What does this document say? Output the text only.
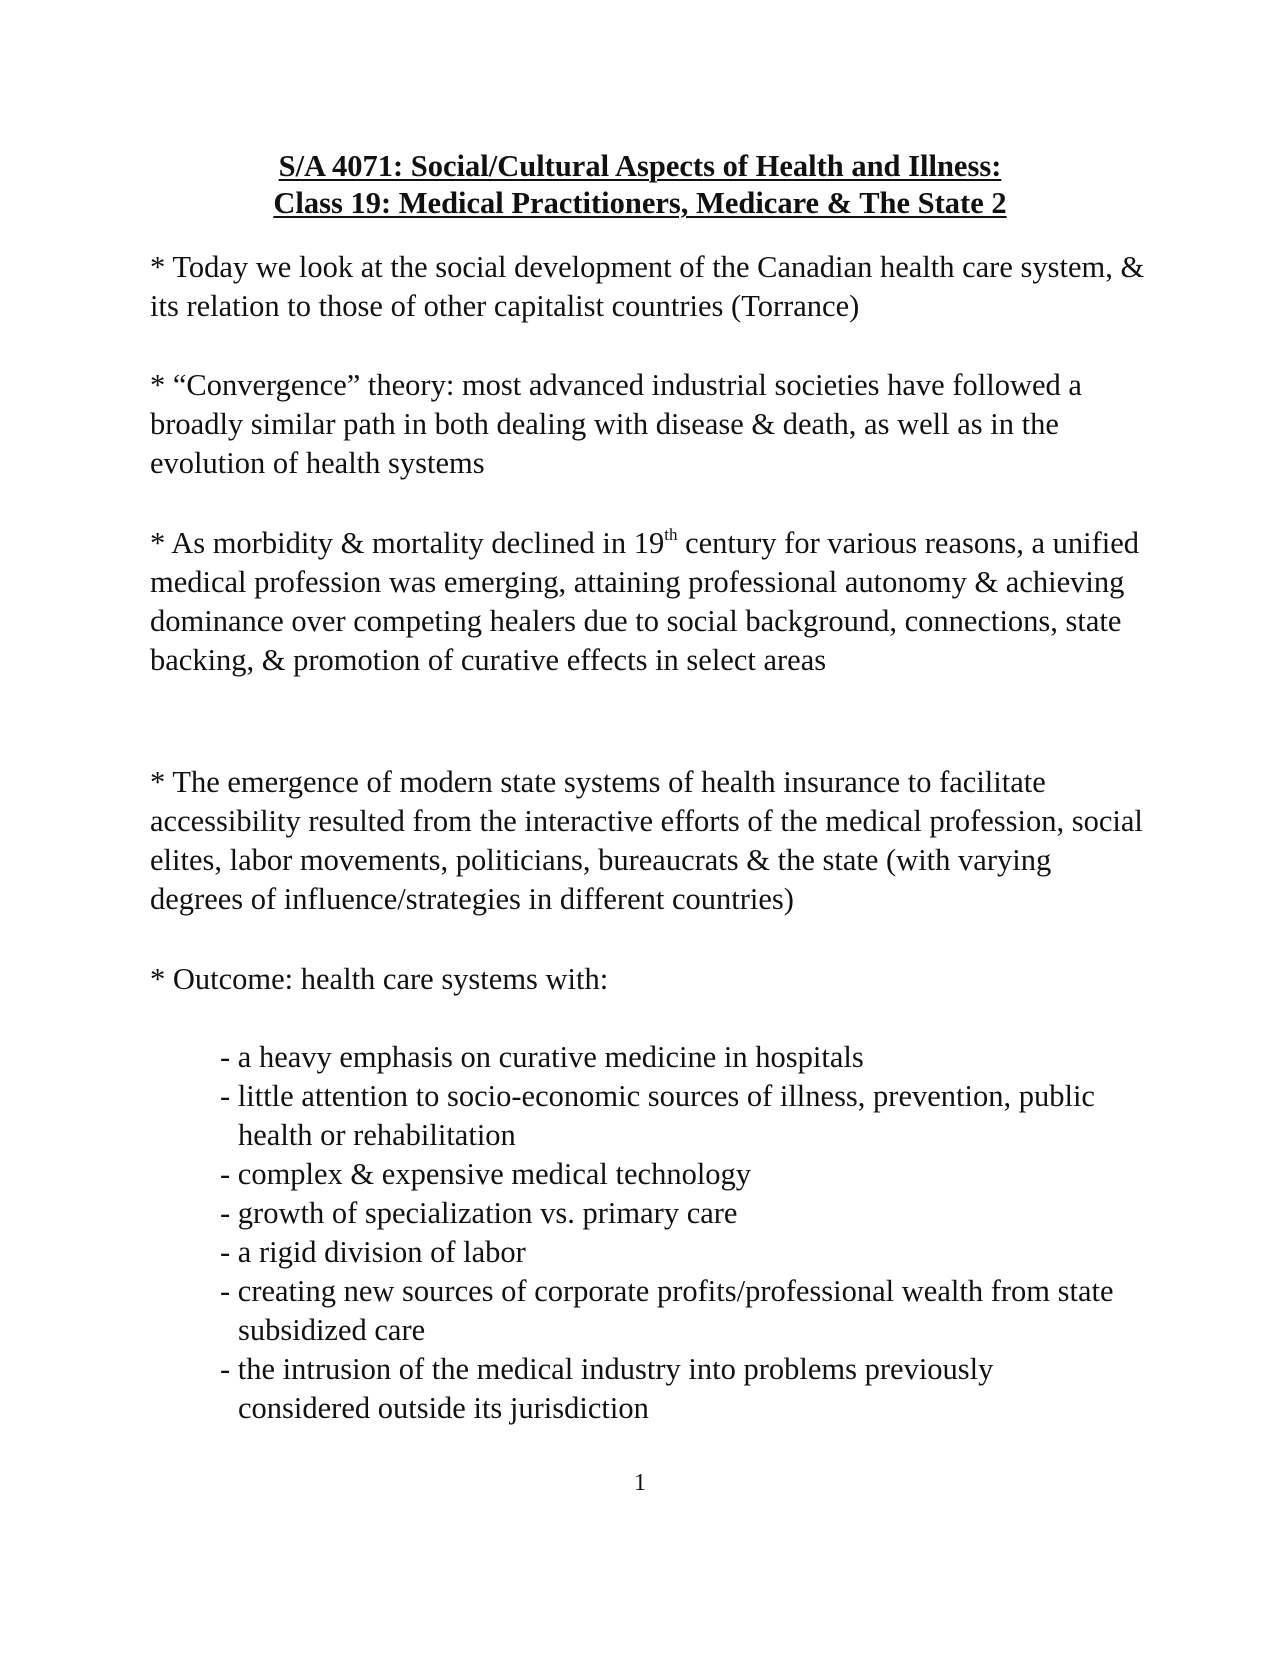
S/A 4071: Social/Cultural Aspects of Health and Illness:
Class 19: Medical Practitioners, Medicare & The State 2

* Today we look at the social development of the Canadian health care system, & its relation to those of other capitalist countries (Torrance)

* “Convergence” theory: most advanced industrial societies have followed a broadly similar path in both dealing with disease & death, as well as in the evolution of health systems

* As morbidity & mortality declined in 19th century for various reasons, a unified medical profession was emerging, attaining professional autonomy & achieving dominance over competing healers due to social background, connections, state backing, & promotion of curative effects in select areas

* The emergence of modern state systems of health insurance to facilitate accessibility resulted from the interactive efforts of the medical profession, social elites, labor movements, politicians, bureaucrats & the state (with varying degrees of influence/strategies in different countries)

* Outcome: health care systems with:

- a heavy emphasis on curative medicine in hospitals
- little attention to socio-economic sources of illness, prevention, public health or rehabilitation
- complex & expensive medical technology
- growth of specialization vs. primary care
- a rigid division of labor
- creating new sources of corporate profits/professional wealth from state subsidized care
- the intrusion of the medical industry into problems previously considered outside its jurisdiction
1
